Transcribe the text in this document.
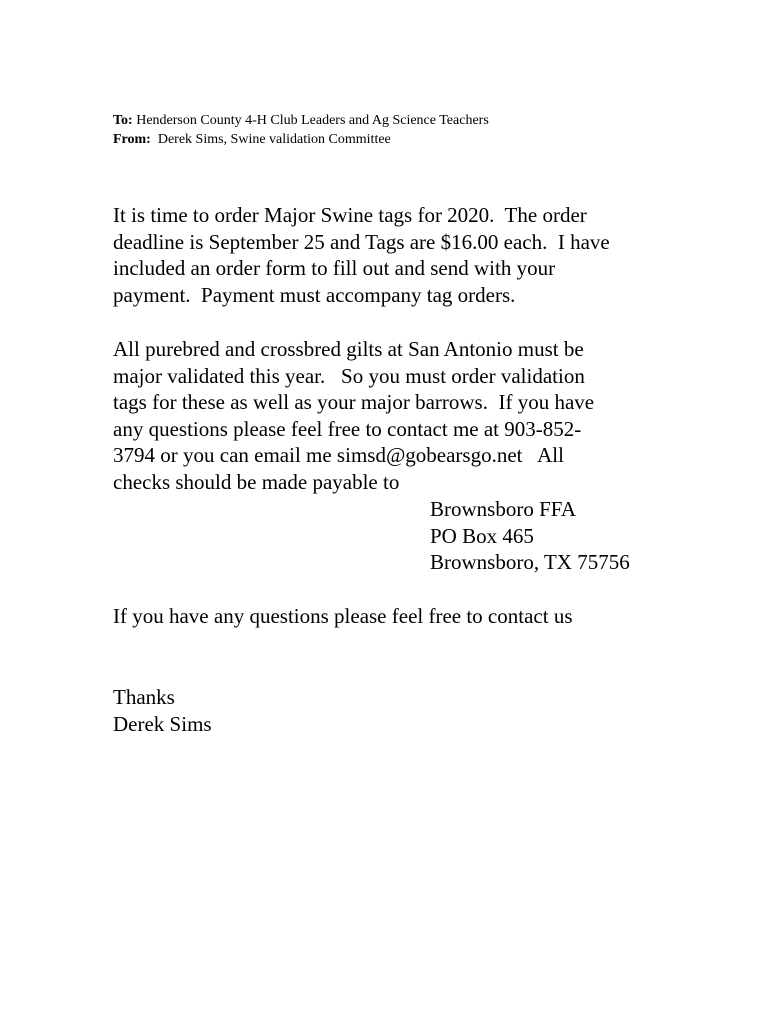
To: Henderson County 4-H Club Leaders and Ag Science Teachers
From:  Derek Sims, Swine validation Committee
It is time to order Major Swine tags for 2020.  The order
deadline is September 25 and Tags are $16.00 each.  I have
included an order form to fill out and send with your
payment.  Payment must accompany tag orders.
All purebred and crossbred gilts at San Antonio must be
major validated this year.   So you must order validation
tags for these as well as your major barrows.  If you have
any questions please feel free to contact me at 903-852-
3794 or you can email me simsd@gobearsgo.net   All
checks should be made payable to
Brownsboro FFA
PO Box 465
Brownsboro, TX 75756
If you have any questions please feel free to contact us
Thanks
Derek Sims
